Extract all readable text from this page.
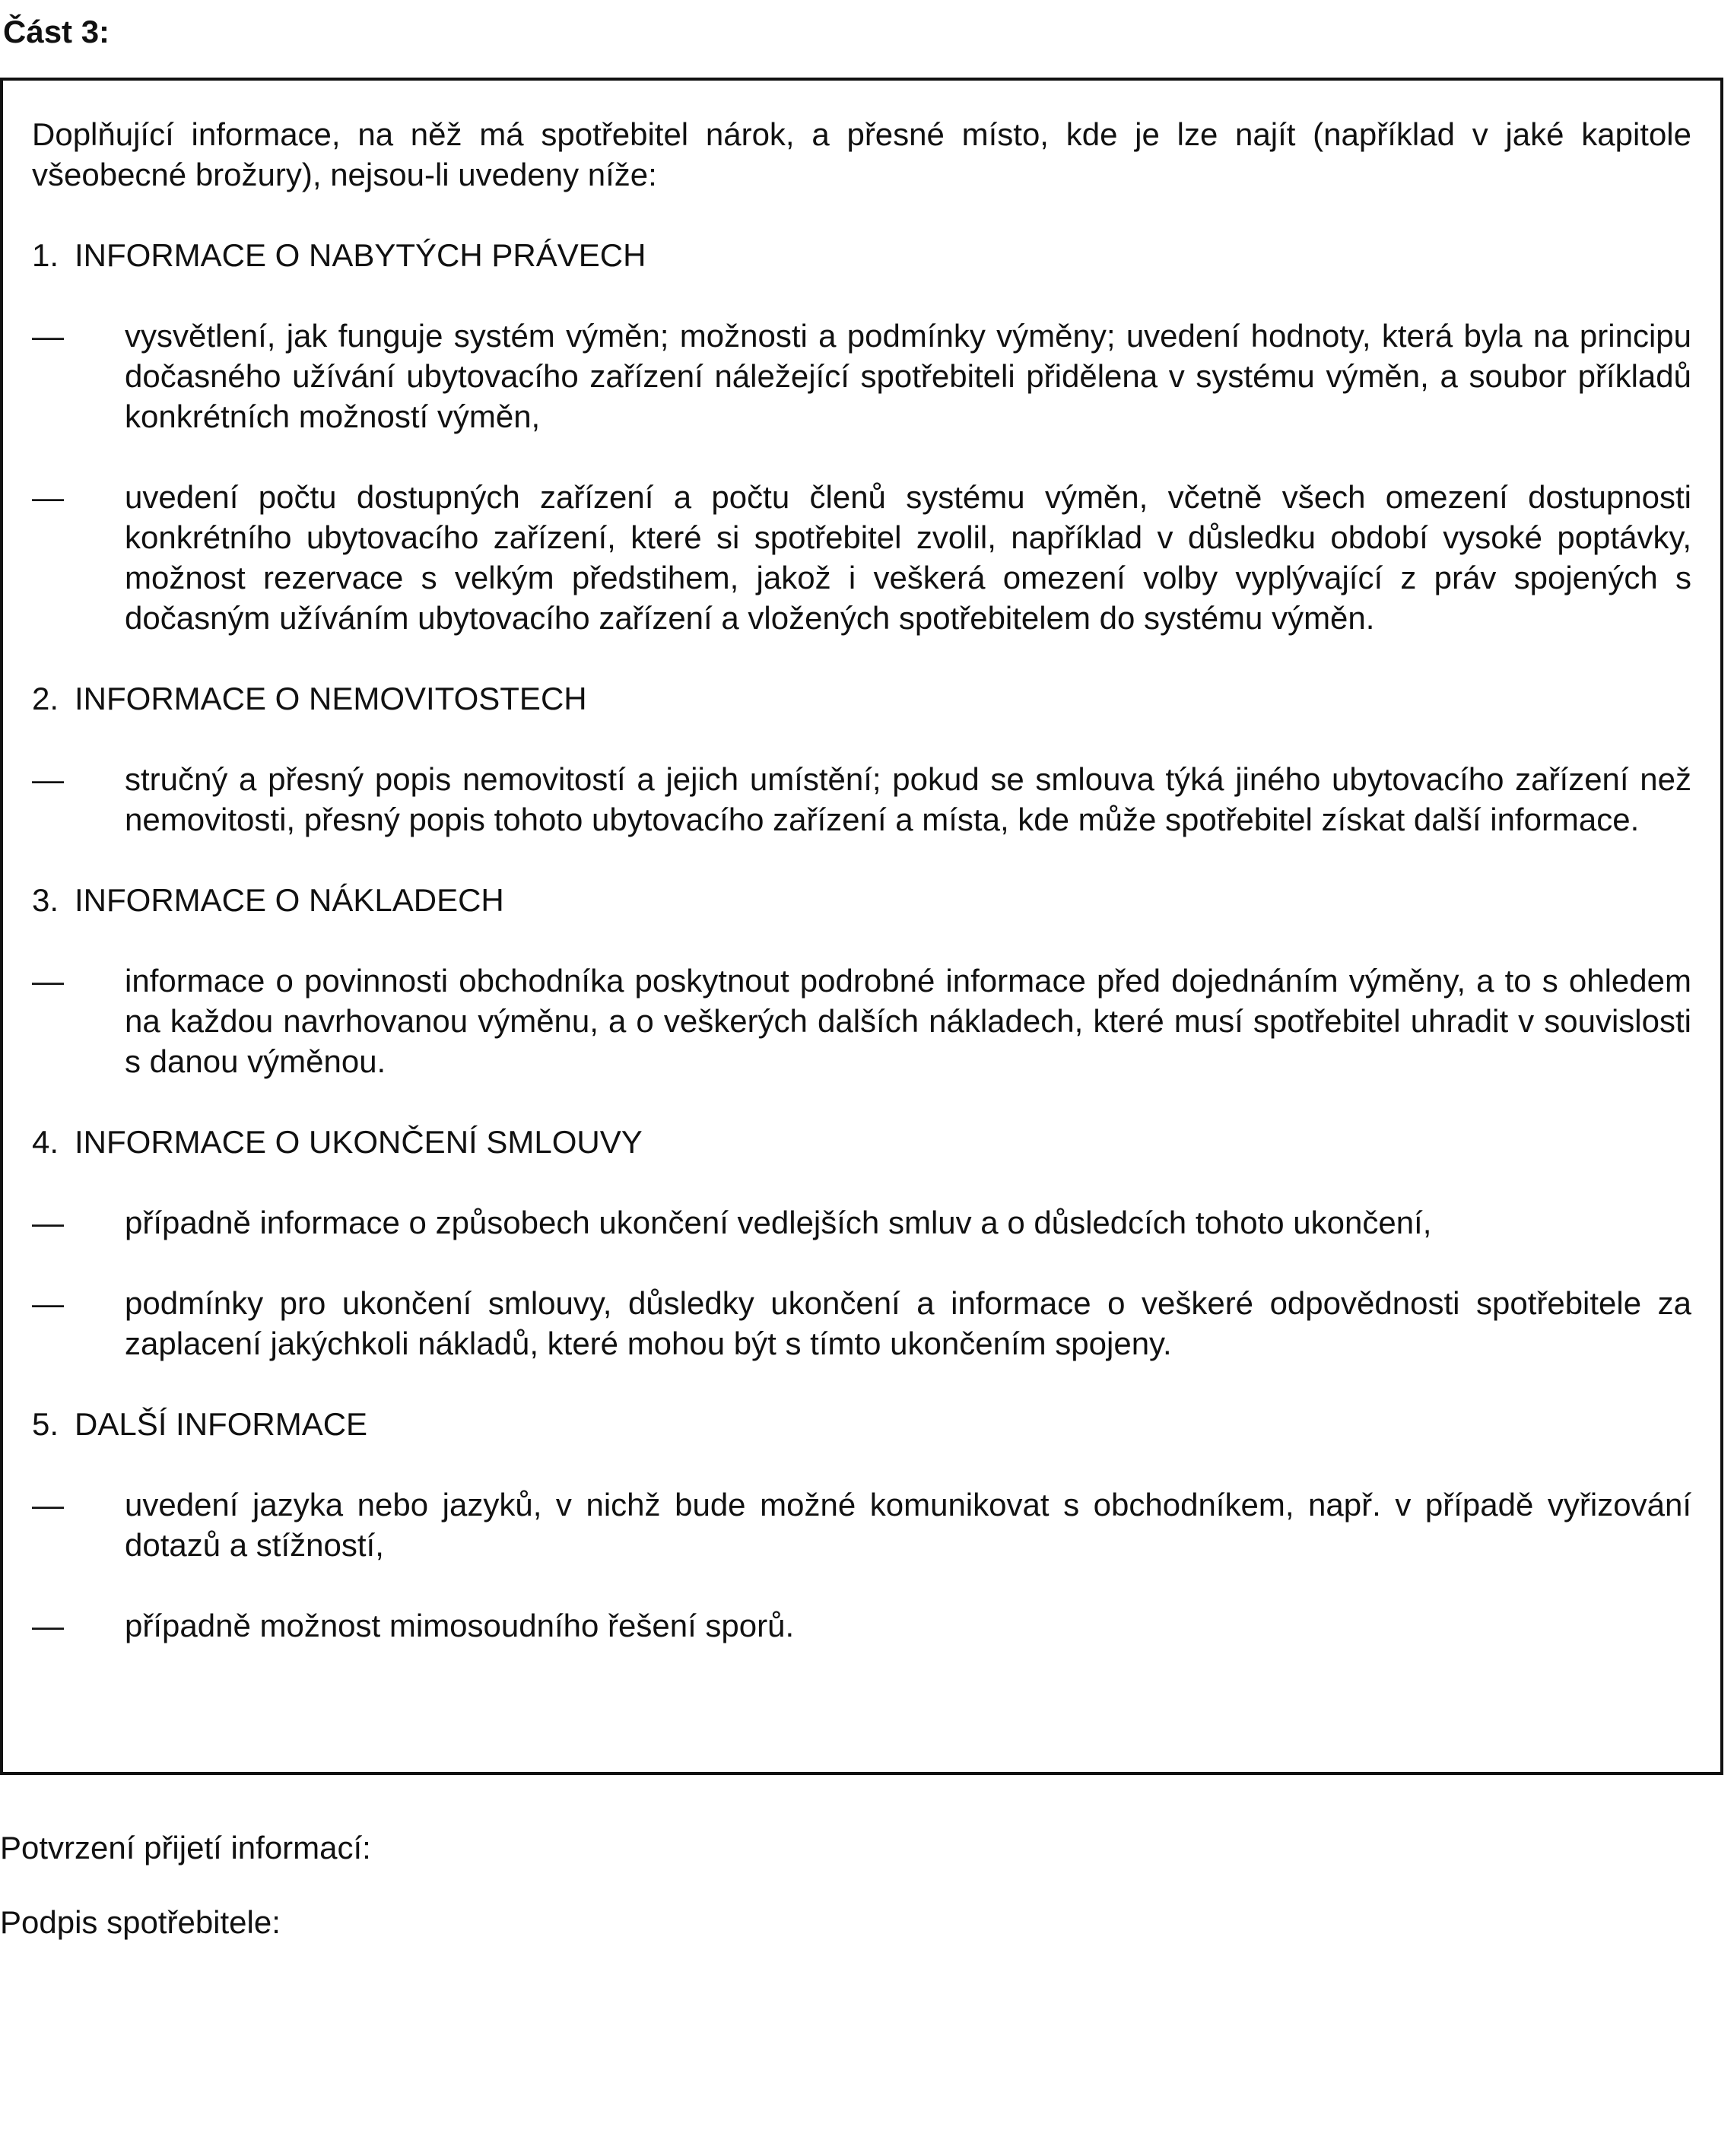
Část 3:

Doplňující informace, na něž má spotřebitel nárok, a přesné místo, kde je lze najít (například v jaké kapitole všeobecné brožury), nejsou-li uvedeny níže:

1. INFORMACE O NABYTÝCH PRÁVECH
—	vysvětlení, jak funguje systém výměn; možnosti a podmínky výměny; uvedení hodnoty, která byla na principu dočasného užívání ubytovacího zařízení náležející spotřebiteli přidělena v systému výměn, a soubor příkladů konkrétních možností výměn,
—	uvedení počtu dostupných zařízení a počtu členů systému výměn, včetně všech omezení dostupnosti konkrétního ubytovacího zařízení, které si spotřebitel zvolil, například v důsledku období vysoké poptávky, možnost rezervace s velkým předstihem, jakož i veškerá omezení volby vyplývající z práv spojených s dočasným užíváním ubytovacího zařízení a vložených spotřebitelem do systému výměn.
2. INFORMACE O NEMOVITOSTECH
—	stručný a přesný popis nemovitostí a jejich umístění; pokud se smlouva týká jiného ubytovacího zařízení než nemovitosti, přesný popis tohoto ubytovacího zařízení a místa, kde může spotřebitel získat další informace.
3. INFORMACE O NÁKLADECH
—	informace o povinnosti obchodníka poskytnout podrobné informace před dojednáním výměny, a to s ohledem na každou navrhovanou výměnu, a o veškerých dalších nákladech, které musí spotřebitel uhradit v souvislosti s danou výměnou.
4. INFORMACE O UKONČENÍ SMLOUVY
—	případně informace o způsobech ukončení vedlejších smluv a o důsledcích tohoto ukončení,
—	podmínky pro ukončení smlouvy, důsledky ukončení a informace o veškeré odpovědnosti spotřebitele za zaplacení jakýchkoli nákladů, které mohou být s tímto ukončením spojeny.
5. DALŠÍ INFORMACE
—	uvedení jazyka nebo jazyků, v nichž bude možné komunikovat s obchodníkem, např. v případě vyřizování dotazů a stížností,
—	případně možnost mimosoudního řešení sporů.

Potvrzení přijetí informací:

Podpis spotřebitele:
